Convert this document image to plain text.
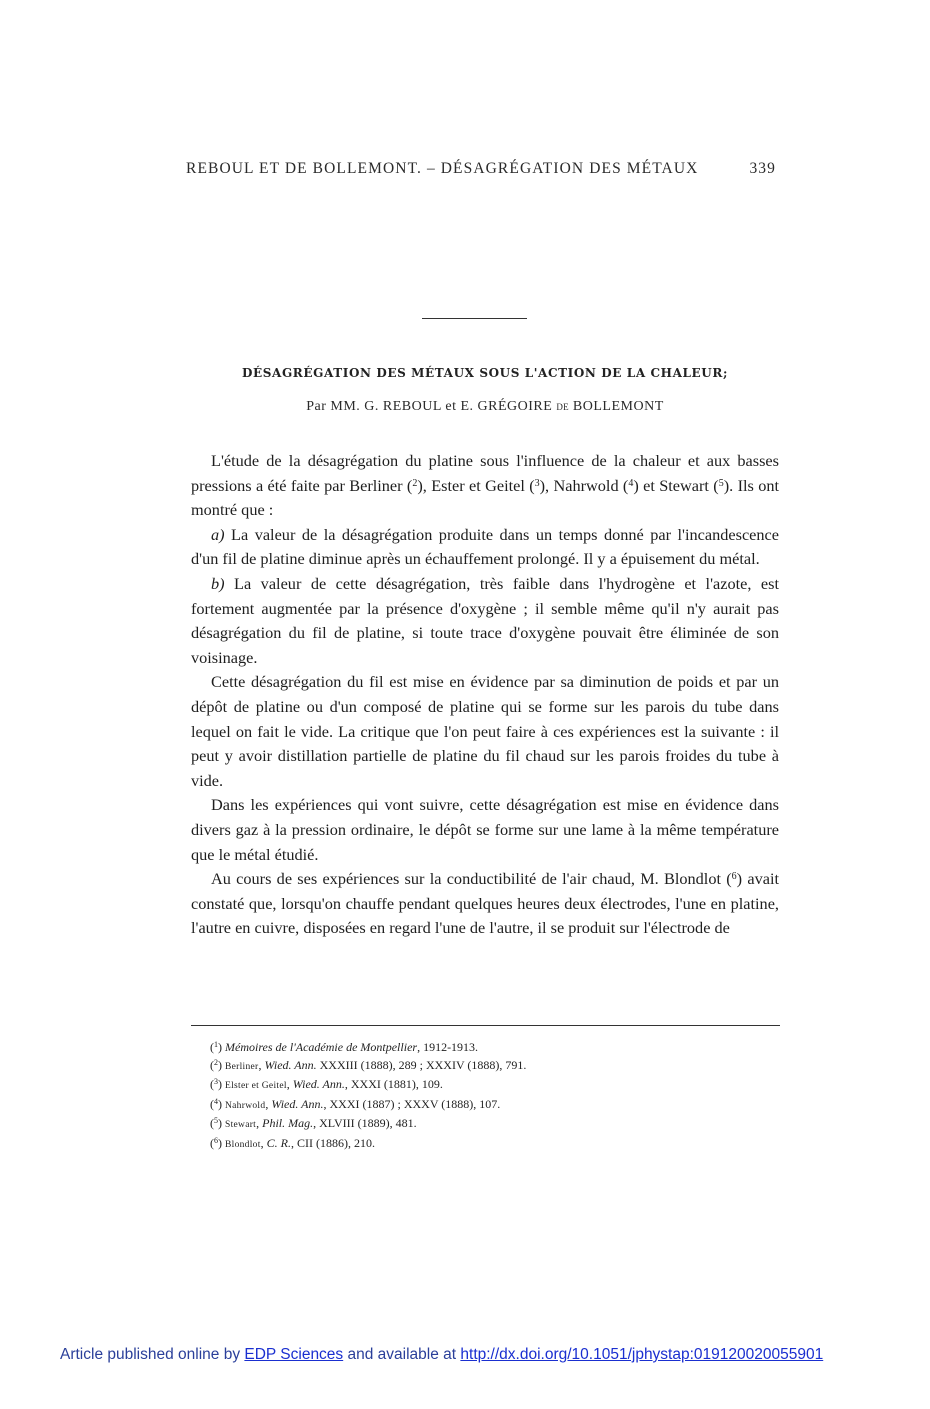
REBOUL ET DE BOLLEMONT. – DÉSAGRÉGATION DES MÉTAUX	339
DÉSAGRÉGATION DES MÉTAUX SOUS L'ACTION DE LA CHALEUR;
Par MM. G. REBOUL et E. GRÉGOIRE DE BOLLEMONT

L'étude de la désagrégation du platine sous l'influence de la chaleur et aux basses pressions a été faite par Berliner ($^2$), Ester et Geitel ($^3$), Nahrwold ($^4$) et Stewart ($^5$). Ils ont montré que :

a) La valeur de la désagrégation produite dans un temps donné par l'incandescence d'un fil de platine diminue après un échauffement prolongé. Il y a épuisement du métal.

b) La valeur de cette désagrégation, très faible dans l'hydrogène et l'azote, est fortement augmentée par la présence d'oxygène ; il semble même qu'il n'y aurait pas désagrégation du fil de platine, si toute trace d'oxygène pouvait être éliminée de son voisinage.

Cette désagrégation du fil est mise en évidence par sa diminution de poids et par un dépôt de platine ou d'un composé de platine qui se forme sur les parois du tube dans lequel on fait le vide. La critique que l'on peut faire à ces expériences est la suivante : il peut y avoir distillation partielle de platine du fil chaud sur les parois froides du tube à vide.

Dans les expériences qui vont suivre, cette désagrégation est mise en évidence dans divers gaz à la pression ordinaire, le dépôt se forme sur une lame à la même température que le métal étudié.

Au cours de ses expériences sur la conductibilité de l'air chaud, M. Blondlot ($^6$) avait constaté que, lorsqu'on chauffe pendant quelques heures deux électrodes, l'une en platine, l'autre en cuivre, disposées en regard l'une de l'autre, il se produit sur l'électrode de

($^1$) Mémoires de l'Académie de Montpellier, 1912-1913.
($^2$) Berliner, Wied. Ann. XXXIII (1888), 289 ; XXXIV (1888), 791.
($^3$) Elster et Geitel, Wied. Ann., XXXI (1881), 109.
($^4$) Nahrwold, Wied. Ann., XXXI (1887) ; XXXV (1888), 107.
($^5$) Stewart, Phil. Mag., XLVIII (1889), 481.
($^6$) Blondlot, C. R., CII (1886), 210.
Article published online by EDP Sciences and available at http://dx.doi.org/10.1051/jphystap:019120020055901
